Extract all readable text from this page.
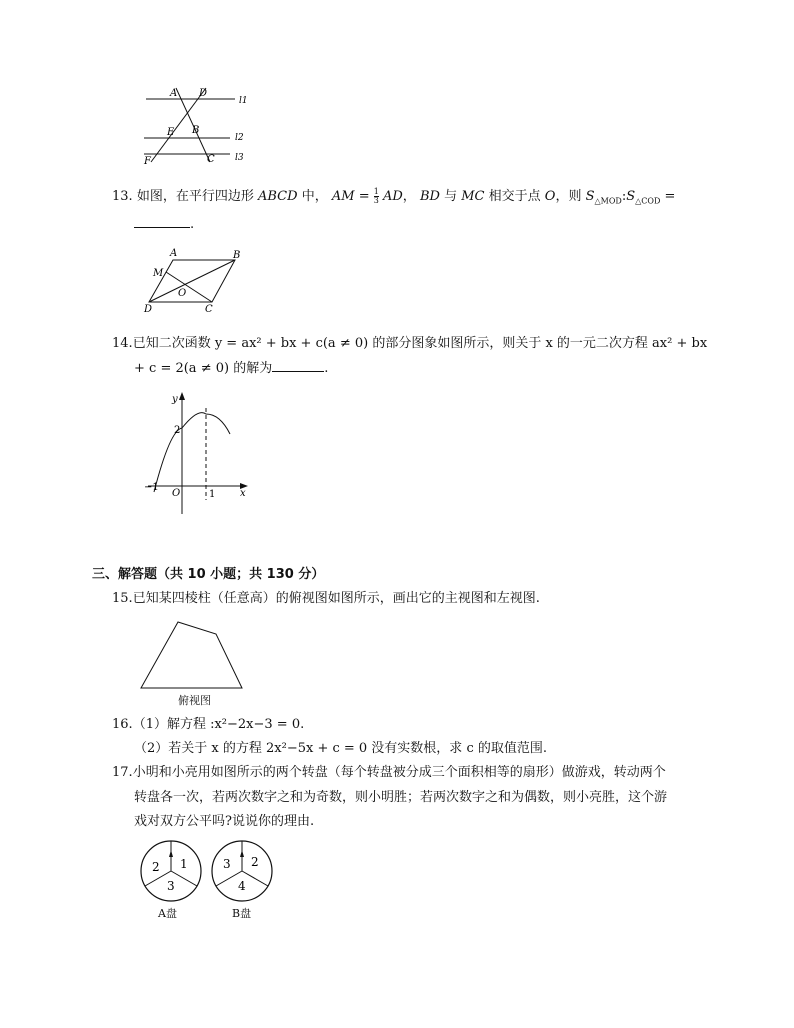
A D
E B
F	C
l1
l2
l3
13. 如图，在平行四边形 ABCD 中， AM = $\frac{1}{3}$ AD， BD 与 MC 相交于点 O，则 $S_{\triangle MOD}:S_{\triangle COD}$ =
.
A	B
M
O
D	C
14.已知二次函数 y = ax² + bx + c(a ≠ 0) 的部分图象如图所示，则关于 x 的一元二次方程 ax² + bx
+ c = 2(a ≠ 0) 的解为	.
y
x
O
2
−1
1
三、解答题（共 10 小题；共 130 分）
15.已知某四棱柱（任意高）的俯视图如图所示，画出它的主视图和左视图.
俯视图
16.（1）解方程 :x²−2x−3 = 0.
（2）若关于 x 的方程 2x²−5x + c = 0 没有实数根，求 c 的取值范围.
17.小明和小亮用如图所示的两个转盘（每个转盘被分成三个面积相等的扇形）做游戏，转动两个
转盘各一次，若两次数字之和为奇数，则小明胜；若两次数字之和为偶数，则小亮胜，这个游
戏对双方公平吗?说说你的理由.
2 1
3
A盘
3 2
4
B盘
